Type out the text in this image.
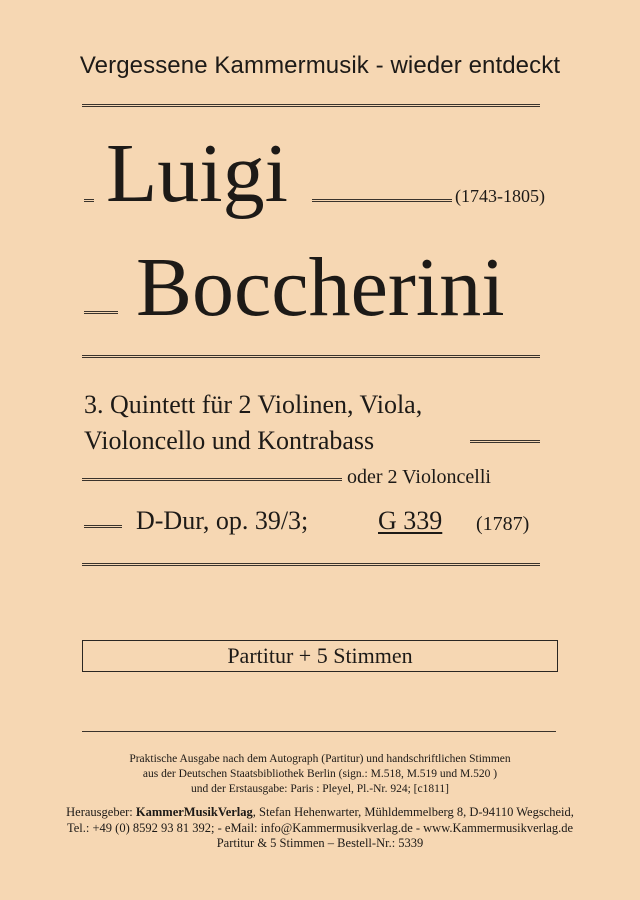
Vergessene Kammermusik - wieder entdeckt
Luigi	(1743-1805)
Boccherini
3. Quintett für 2 Violinen, Viola,
Violoncello und Kontrabass
oder 2 Violoncelli
D-Dur, op. 39/3;	G 339 (1787)
Partitur + 5 Stimmen
Praktische Ausgabe nach dem Autograph (Partitur) und handschriftlichen Stimmen
aus der Deutschen Staatsbibliothek Berlin (sign.: M.518, M.519 und M.520 )
und der Erstausgabe: Paris : Pleyel, Pl.-Nr. 924; [c1811]
Herausgeber: KammerMusikVerlag, Stefan Hehenwarter, Mühldemmelberg 8, D-94110 Wegscheid,
Tel.: +49 (0) 8592 93 81 392; - eMail: info@Kammermusikverlag.de - www.Kammermusikverlag.de
Partitur & 5 Stimmen – Bestell-Nr.: 5339
